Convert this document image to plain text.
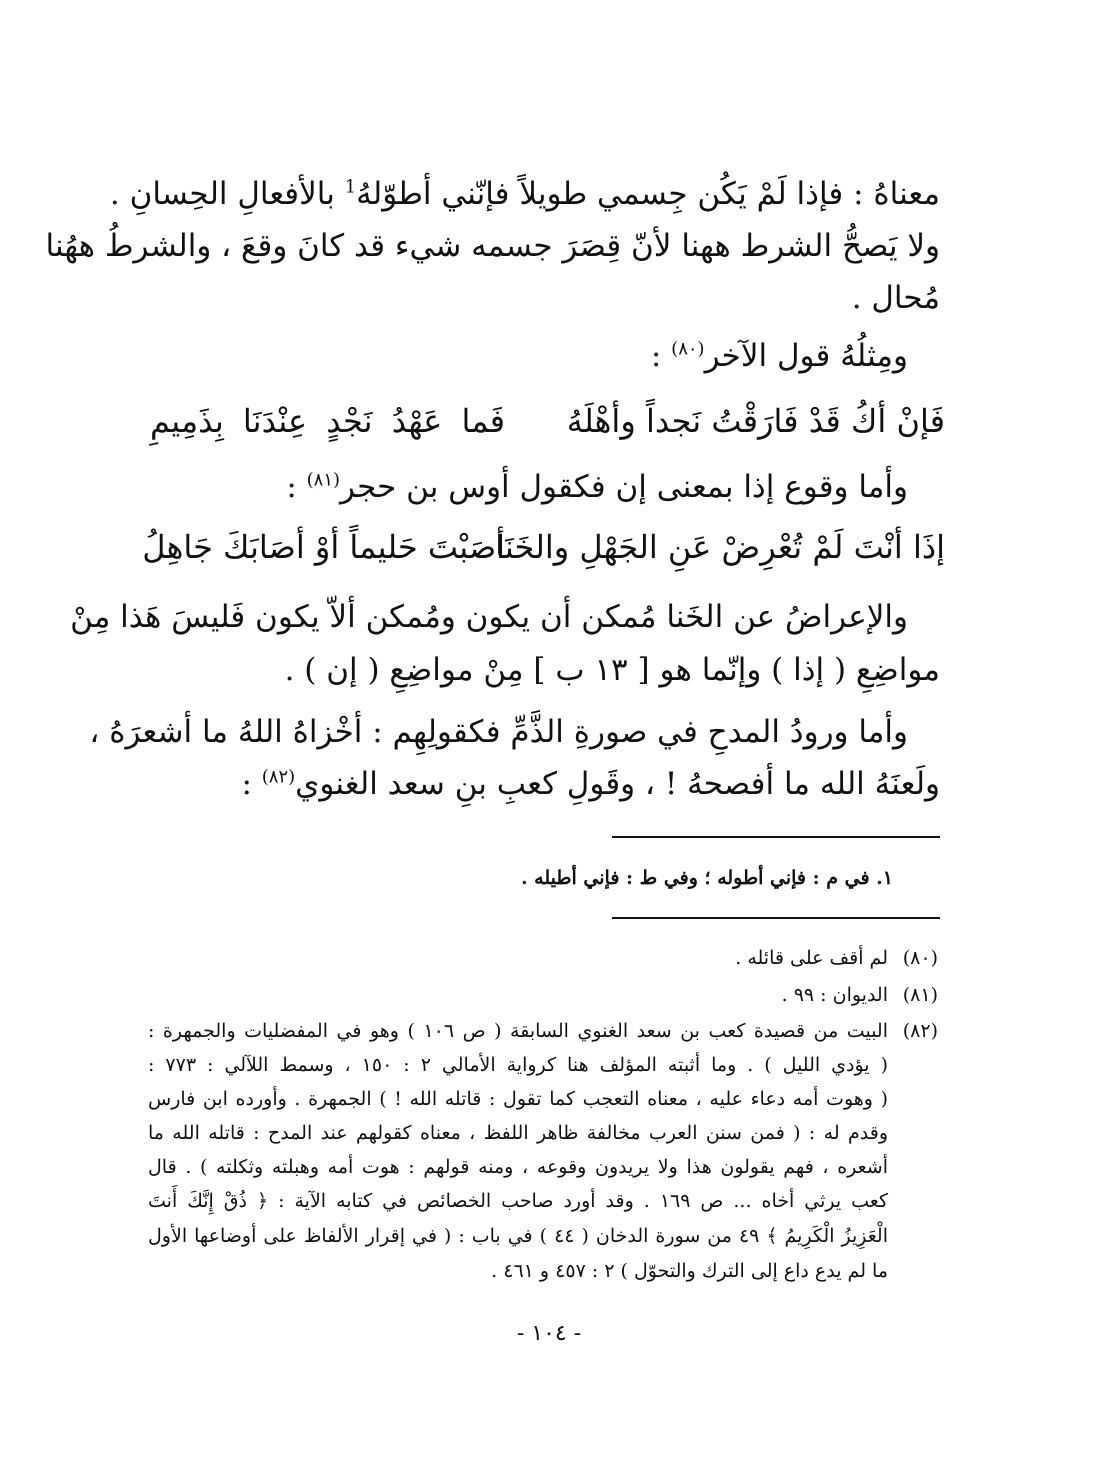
معناهُ : فإذا لَمْ يَكُن جِسمي طويلاً فإنّني أطوّلهُ$^1$ بالأفعالِ الحِسانِ .
ولا يَصحُّ الشرط ههنا لأنّ قِصَرَ جسمه شيء قد كانَ وقعَ ، والشرطُ ههُنا
مُحال .
ومِثلُهُ قول الآخر$^{(٨٠)}$ :
فَإنْ أكُ قَدْ فَارَقْتُ نَجداً وأهْلَهُ
فَما عَهْدُ نَجْدٍ عِنْدَنَا بِذَمِيمِ
وأما وقوع إذا بمعنى إن فكقول أوس بن حجر$^{(٨١)}$ :
إذَا أنْتَ لَمْ تُعْرِضْ عَنِ الجَهْلِ والخَنَا
أصَبْتَ حَليماً أوْ أصَابَكَ جَاهِلُ
والإعراضُ عن الخَنا مُمكن أن يكون ومُمكن ألاّ يكون فَليسَ هَذا مِنْ
مواضِعِ ( إذا ) وإنّما هو [ ١٣ ب ] مِنْ مواضِعِ ( إن ) .
وأما ورودُ المدحِ في صورةِ الذَّمِّ فكقولِهِم : أخْزاهُ اللهُ ما أشعرَهُ ،
ولَعنَهُ الله ما أفصحهُ ! ، وقَولِ كعبِ بنِ سعد الغنوي$^{(٨٢)}$ :
١. في م : فإني أطوله ؛ وفي ط : فإني أطيله .
(٨٠)
لم أقف على قائله .
(٨١)
الديوان : ٩٩ .
(٨٢)
البيت من قصيدة كعب بن سعد الغنوي السابقة ( ص ١٠٦ ) وهو في المفضليات والجمهرة :
( يؤدي الليل ) . وما أثبته المؤلف هنا كرواية الأمالي ٢ : ١٥٠ ، وسمط اللآلي : ٧٧٣ :
( وهوت أمه دعاء عليه ، معناه التعجب كما تقول : قاتله الله ! ) الجمهرة . وأورده ابن فارس
وقدم له : ( فمن سنن العرب مخالفة ظاهر اللفظ ، معناه كقولهم عند المدح : قاتله الله ما
أشعره ، فهم يقولون هذا ولا يريدون وقوعه ، ومنه قولهم : هوت أمه وهبلته وثكلته ) . قال
كعب يرثي أخاه ... ص ١٦٩ . وقد أورد صاحب الخصائص في كتابه الآية : ﴿ ذُقْ إِنَّكَ أَنتَ
الْعَزِيزُ الْكَرِيمُ ﴾ ٤٩ من سورة الدخان ( ٤٤ ) في باب : ( في إقرار الألفاظ على أوضاعها الأول
ما لم يدع داع إلى الترك والتحوّل ) ٢ : ٤٥٧ و ٤٦١ .
- ١٠٤ -
